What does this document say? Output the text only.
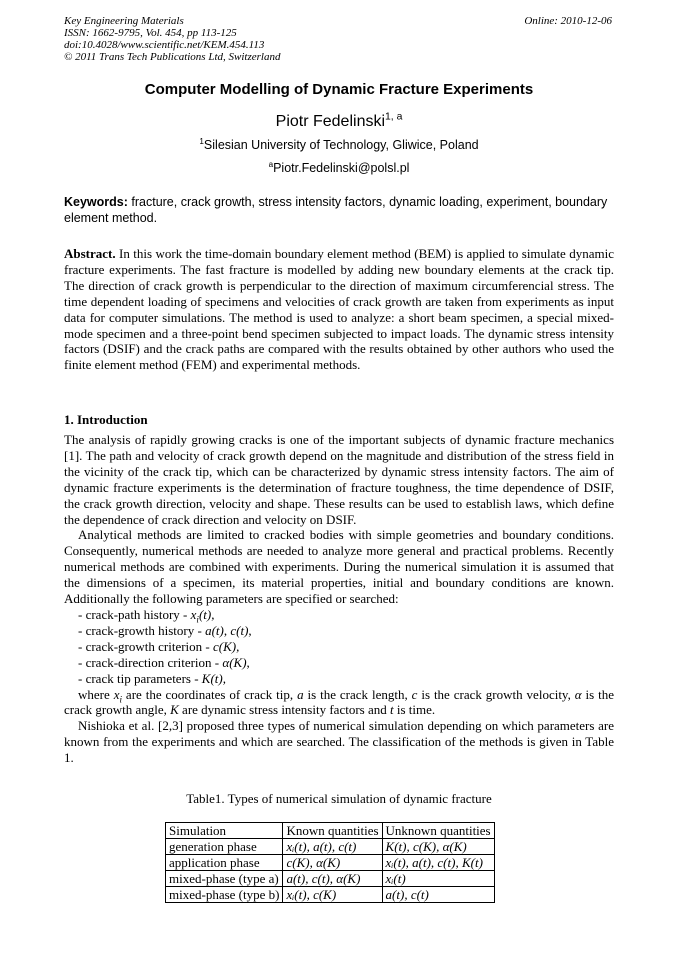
Key Engineering Materials
ISSN: 1662-9795, Vol. 454, pp 113-125
doi:10.4028/www.scientific.net/KEM.454.113
© 2011 Trans Tech Publications Ltd, Switzerland
Online: 2010-12-06
Computer Modelling of Dynamic Fracture Experiments
Piotr Fedelinski$^{1, a}$
$^1$Silesian University of Technology, Gliwice, Poland
$^a$Piotr.Fedelinski@polsl.pl
Keywords: fracture, crack growth, stress intensity factors, dynamic loading, experiment, boundary element method.

Abstract. In this work the time-domain boundary element method (BEM) is applied to simulate dynamic fracture experiments. The fast fracture is modelled by adding new boundary elements at the crack tip. The direction of crack growth is perpendicular to the direction of maximum circumferencial stress. The time dependent loading of specimens and velocities of crack growth are taken from experiments as input data for computer simulations. The method is used to analyze: a short beam specimen, a special mixed-mode specimen and a three-point bend specimen subjected to impact loads. The dynamic stress intensity factors (DSIF) and the crack paths are compared with the results obtained by other authors who used the finite element method (FEM) and experimental methods.

1. Introduction

The analysis of rapidly growing cracks is one of the important subjects of dynamic fracture mechanics [1]. The path and velocity of crack growth depend on the magnitude and distribution of the stress field in the vicinity of the crack tip, which can be characterized by dynamic stress intensity factors. The aim of dynamic fracture experiments is the determination of fracture toughness, the time dependence of DSIF, the crack growth direction, velocity and shape. These results can be used to establish laws, which define the dependence of crack direction and velocity on DSIF.

Analytical methods are limited to cracked bodies with simple geometries and boundary conditions. Consequently, numerical methods are needed to analyze more general and practical problems. Recently numerical methods are combined with experiments. During the numerical simulation it is assumed that the dimensions of a specimen, its material properties, initial and boundary conditions are known. Additionally the following parameters are specified or searched:

- crack-path history - $x_i(t)$,

- crack-growth history - a(t), c(t),

- crack-growth criterion - c(K),

- crack-direction criterion - α(K),

- crack tip parameters - K(t),

where $x_i$ are the coordinates of crack tip, a is the crack length, c is the crack growth velocity, α is the crack growth angle, K are dynamic stress intensity factors and t is time.

Nishioka et al. [2,3] proposed three types of numerical simulation depending on which parameters are known from the experiments and which are searched. The classification of the methods is given in Table 1.

Table1. Types of numerical simulation of dynamic fracture
Simulation	Known quantities	Unknown quantities
generation phase	xᵢ(t), a(t), c(t)	K(t), c(K), α(K)
application phase	c(K), α(K)	xᵢ(t), a(t), c(t), K(t)
mixed-phase (type a)	a(t), c(t), α(K)	xᵢ(t)
mixed-phase (type b)	xᵢ(t), c(K)	a(t), c(t)
